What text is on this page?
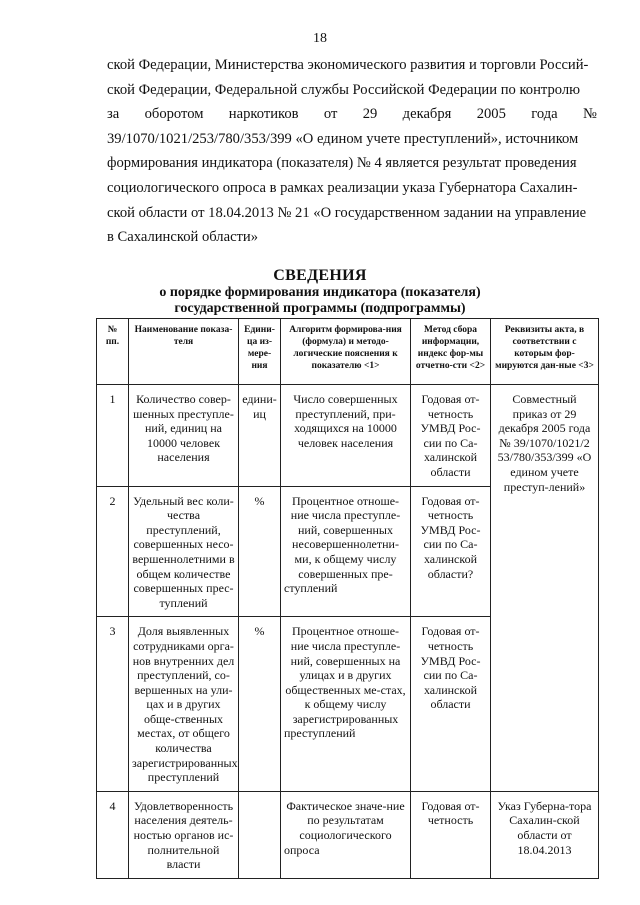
18
ской Федерации, Министерства экономического развития и торговли Россий-
ской Федерации, Федеральной службы Российской Федерации по контролю
за оборотом наркотиков от 29 декабря 2005 года №
39/1070/1021/253/780/353/399 «О едином учете преступлений», источником
формирования индикатора (показателя) № 4 является результат проведения
социологического опроса в рамках реализации указа Губернатора Сахалин-
ской области от 18.04.2013 № 21 «О государственном задании на управление
в Сахалинской области»
СВЕДЕНИЯ
о порядке формирования индикатора (показателя)
государственной программы (подпрограммы)
№ пп.	Наименование показа-теля	Едини-ца из-мере-ния	Алгоритм формирова-ния (формула) и методо-логические пояснения к показателю <1>	Метод сбора информации, индекс фор-мы отчетно-сти <2>	Реквизиты акта, в соответствии с которым фор-мируются дан-ные <3>
1	Количество совер-шенных преступле-ний, единиц на 10000 человек населения	едини-иц	Число совершенных преступлений, при-ходящихся на 10000 человек населения	Годовая от-четность УМВД Рос-сии по Са-халинской области	Совместный приказ от 29 декабря 2005 года № 39/1070/1021/2 53/780/353/399 «О едином учете преступ-лений»
2	Удельный вес коли-чества преступлений, совершенных несо-вершеннолетними в общем количестве совершенных прес-туплений	%	Процентное отноше-ние числа преступле-ний, совершенных несовершеннолетни-ми, к общему числу совершенных пре-ступлений	Годовая от-четность УМВД Рос-сии по Са-халинской области?	
3	Доля выявленных сотрудниками орга-нов внутренних дел преступлений, со-вершенных на ули-цах и в других обще-ственных местах, от общего количества зарегистрированных преступлений	%	Процентное отноше-ние числа преступле-ний, совершенных на улицах и в других общественных ме-стах, к общему числу зарегистрированных преступлений	Годовая от-четность УМВД Рос-сии по Са-халинской области	
4	Удовлетворенность населения деятель-ностью органов ис-полнительной власти		Фактическое значе-ние по результатам социологического опроса	Годовая от-четность	Указ Губерна-тора Сахалин-ской области от 18.04.2013
